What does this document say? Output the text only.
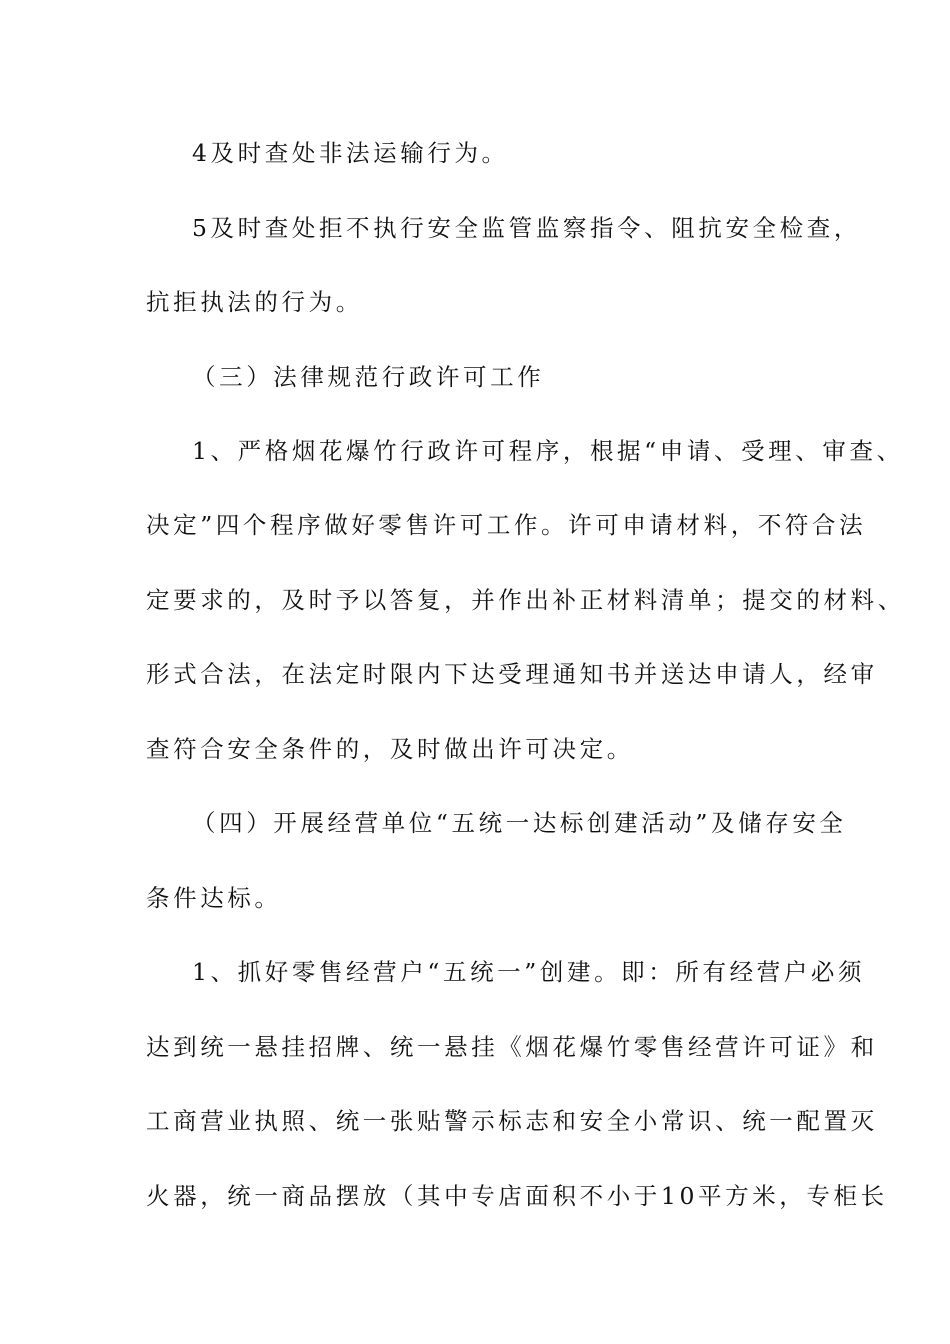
4及时查处非法运输行为。
5及时查处拒不执行安全监管监察指令、阻抗安全检查，
抗拒执法的行为。
（三）法律规范行政许可工作
1、严格烟花爆竹行政许可程序，根据“申请、受理、审查、
决定”四个程序做好零售许可工作。许可申请材料，不符合法
定要求的，及时予以答复，并作出补正材料清单；提交的材料、
形式合法，在法定时限内下达受理通知书并送达申请人，经审
查符合安全条件的，及时做出许可决定。
（四）开展经营单位“五统一达标创建活动”及储存安全
条件达标。
1、抓好零售经营户“五统一”创建。即：所有经营户必须
达到统一悬挂招牌、统一悬挂《烟花爆竹零售经营许可证》和
工商营业执照、统一张贴警示标志和安全小常识、统一配置灭
火器，统一商品摆放（其中专店面积不小于10平方米，专柜长
